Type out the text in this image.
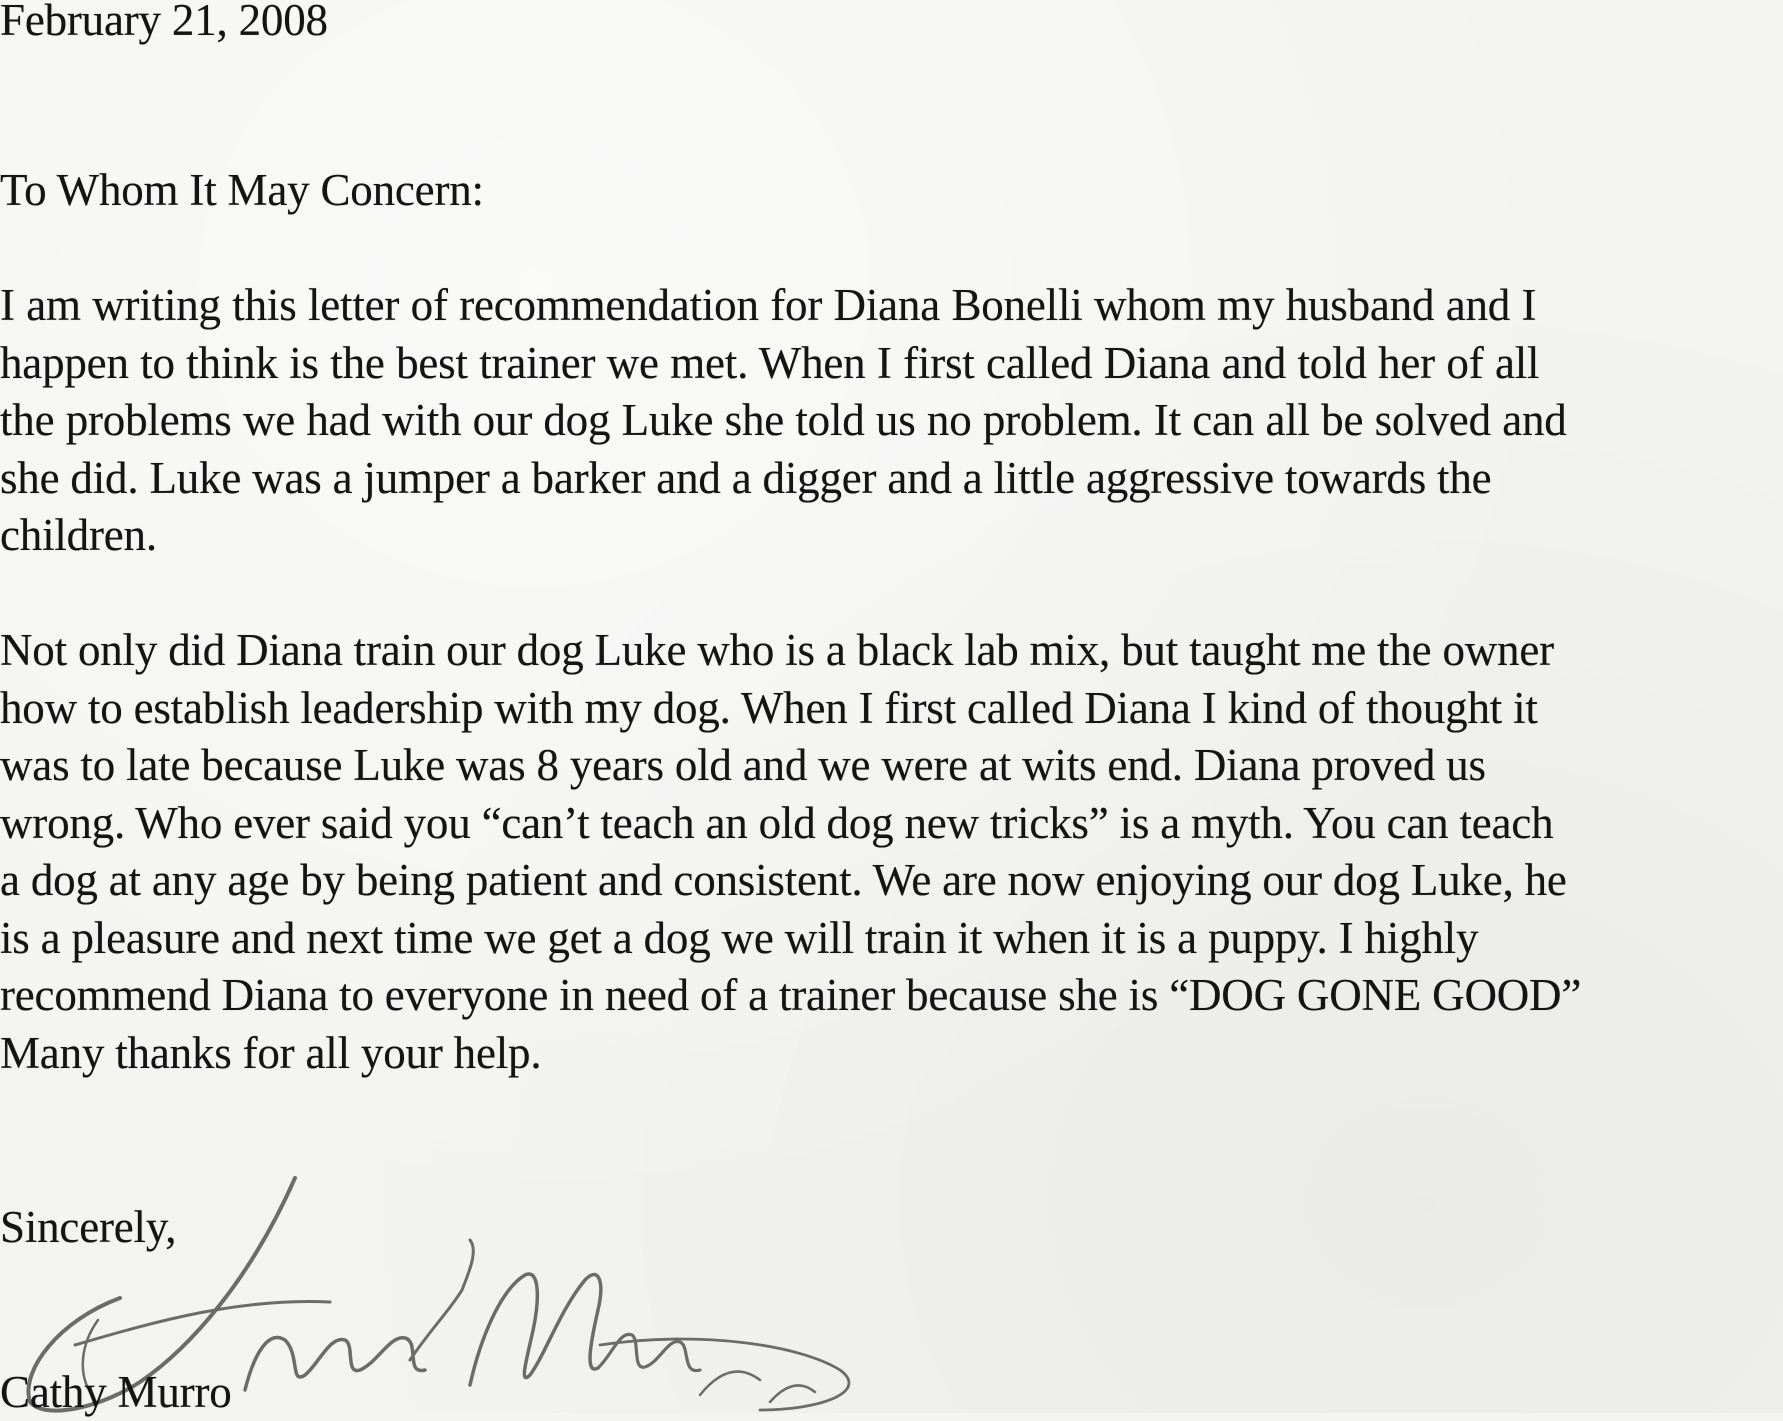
February 21, 2008
To Whom It May Concern:

I am writing this letter of recommendation for Diana Bonelli whom my husband and I

happen to think is the best trainer we met. When I first called Diana and told her of all

the problems we had with our dog Luke she told us no problem. It can all be solved and

she did. Luke was a jumper a barker and a digger and a little aggressive towards the

children.

Not only did Diana train our dog Luke who is a black lab mix, but taught me the owner

how to establish leadership with my dog. When I first called Diana I kind of thought it

was to late because Luke was 8 years old and we were at wits end. Diana proved us

wrong. Who ever said you “can’t teach an old dog new tricks” is a myth. You can teach

a dog at any age by being patient and consistent. We are now enjoying our dog Luke, he

is a pleasure and next time we get a dog we will train it when it is a puppy. I highly

recommend Diana to everyone in need of a trainer because she is “DOG GONE GOOD”

Many thanks for all your help.

Sincerely,
Cathy Murro
